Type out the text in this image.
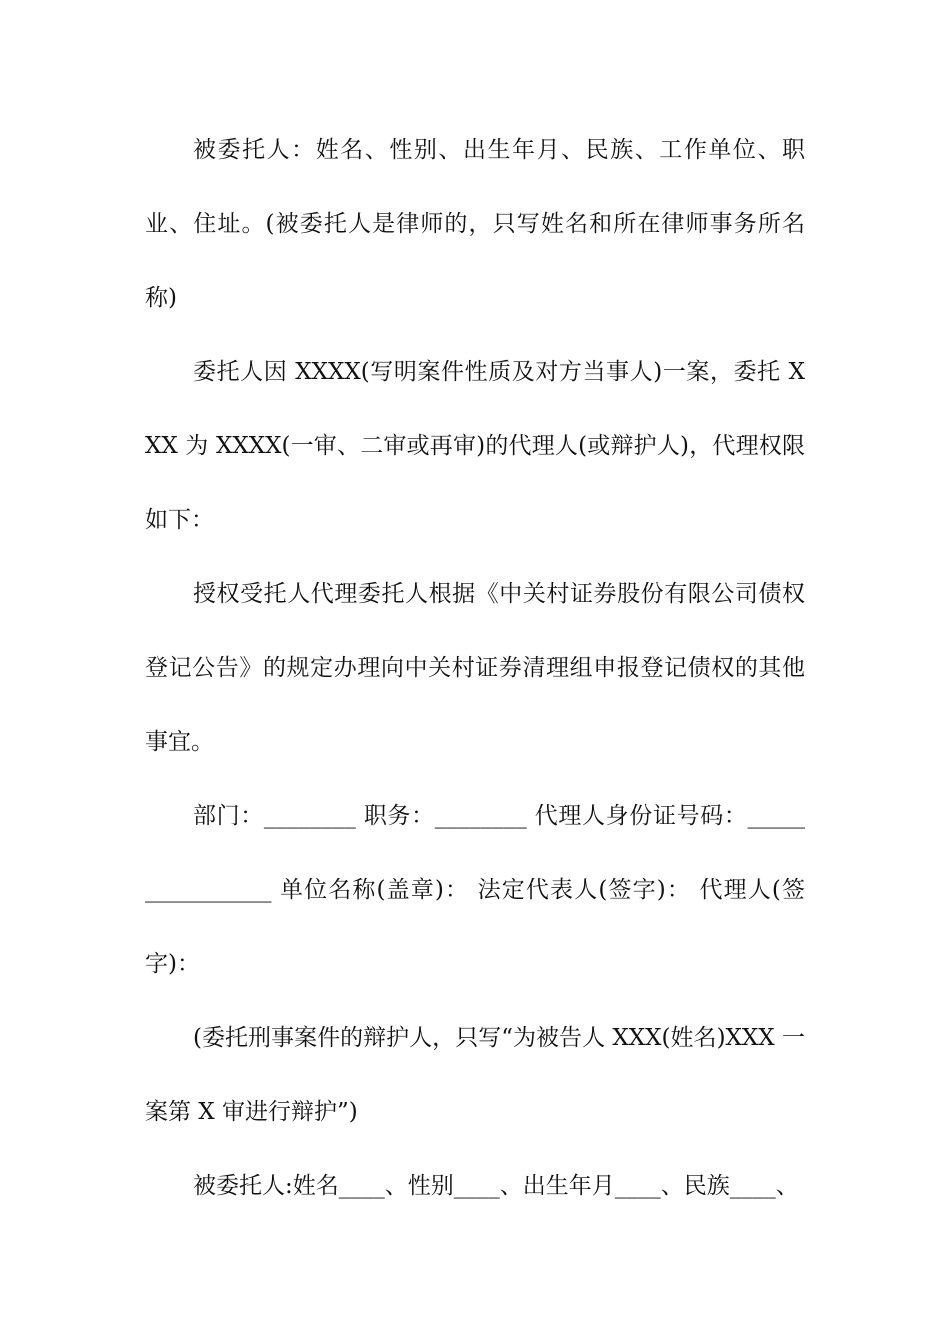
被委托人：姓名、性别、出生年月、民族、工作单位、职业、住址。(被委托人是律师的，只写姓名和所在律师事务所名称)

委托人因 XXXX(写明案件性质及对方当事人)一案，委托 XXX 为 XXXX(一审、二审或再审)的代理人(或辩护人)，代理权限如下：

授权受托人代理委托人根据《中关村证券股份有限公司债权登记公告》的规定办理向中关村证券清理组申报登记债权的其他事宜。

部门：________ 职务：________ 代理人身份证号码：________________ 单位名称(盖章)： 法定代表人(签字)： 代理人(签字)：

(委托刑事案件的辩护人，只写“为被告人 XXX(姓名)XXX 一案第 X 审进行辩护”)

被委托人:姓名____、性别____、出生年月____、民族____、
